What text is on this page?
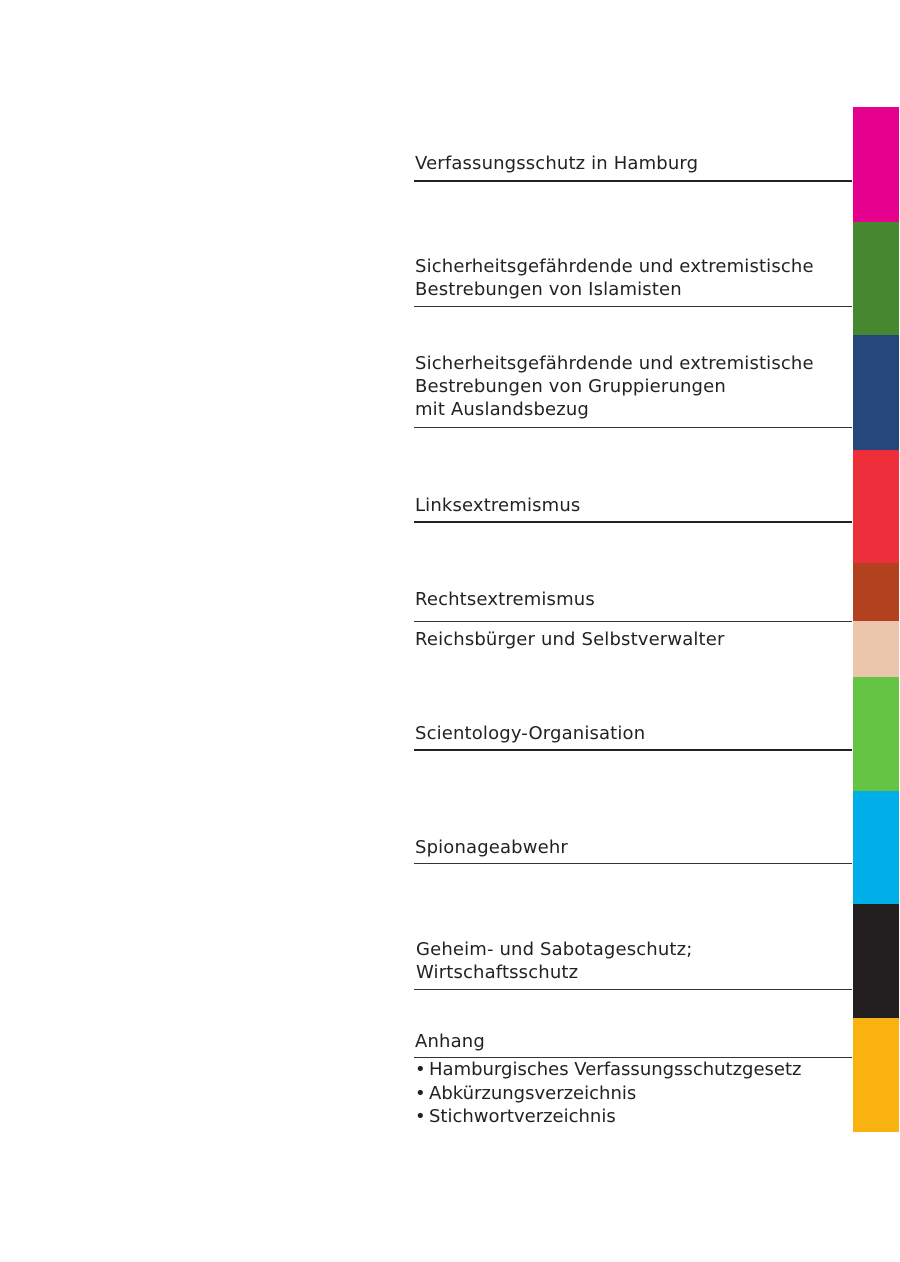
Verfassungsschutz in Hamburg
Sicherheitsgefährdende und extremistische
Bestrebungen von Islamisten
Sicherheitsgefährdende und extremistische
Bestrebungen von Gruppierungen
mit Auslandsbezug
Linksextremismus
Rechtsextremismus
Reichsbürger und Selbstverwalter
Scientology-Organisation
Spionageabwehr
Geheim- und Sabotageschutz;
Wirtschaftsschutz
Anhang
• Hamburgisches Verfassungsschutzgesetz
• Abkürzungsverzeichnis
• Stichwortverzeichnis
